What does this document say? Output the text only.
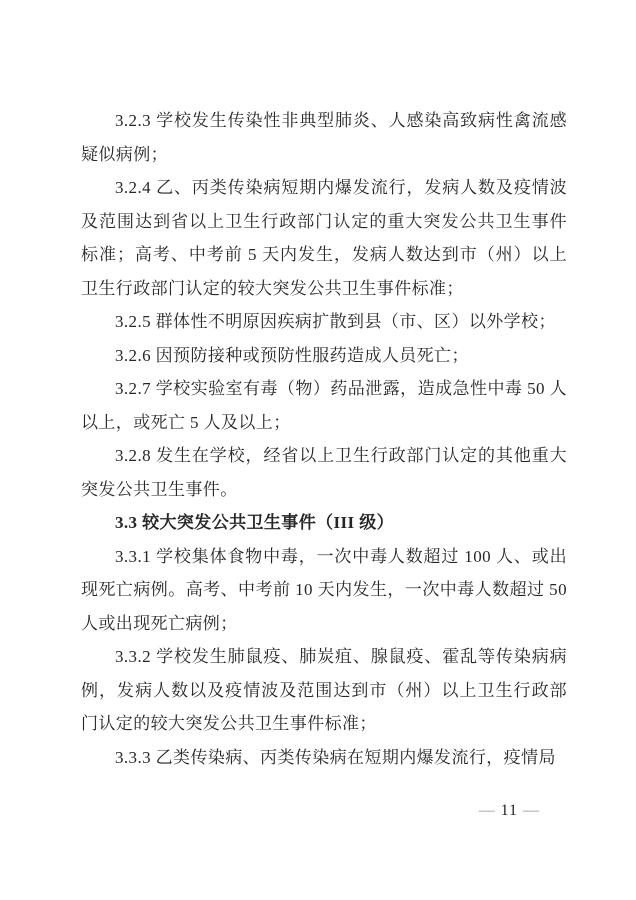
3.2.3 学校发生传染性非典型肺炎、人感染高致病性禽流感疑似病例；

3.2.4 乙、丙类传染病短期内爆发流行，发病人数及疫情波及范围达到省以上卫生行政部门认定的重大突发公共卫生事件标准；高考、中考前 5 天内发生，发病人数达到市（州）以上卫生行政部门认定的较大突发公共卫生事件标准；

3.2.5 群体性不明原因疾病扩散到县（市、区）以外学校；

3.2.6 因预防接种或预防性服药造成人员死亡；

3.2.7 学校实验室有毒（物）药品泄露，造成急性中毒 50 人以上，或死亡 5 人及以上；

3.2.8 发生在学校，经省以上卫生行政部门认定的其他重大突发公共卫生事件。

3.3 较大突发公共卫生事件（III 级）

3.3.1 学校集体食物中毒，一次中毒人数超过 100 人、或出现死亡病例。高考、中考前 10 天内发生，一次中毒人数超过 50 人或出现死亡病例；

3.3.2 学校发生肺鼠疫、肺炭疽、腺鼠疫、霍乱等传染病病例，发病人数以及疫情波及范围达到市（州）以上卫生行政部门认定的较大突发公共卫生事件标准；

3.3.3 乙类传染病、丙类传染病在短期内爆发流行，疫情局

— 11 —
